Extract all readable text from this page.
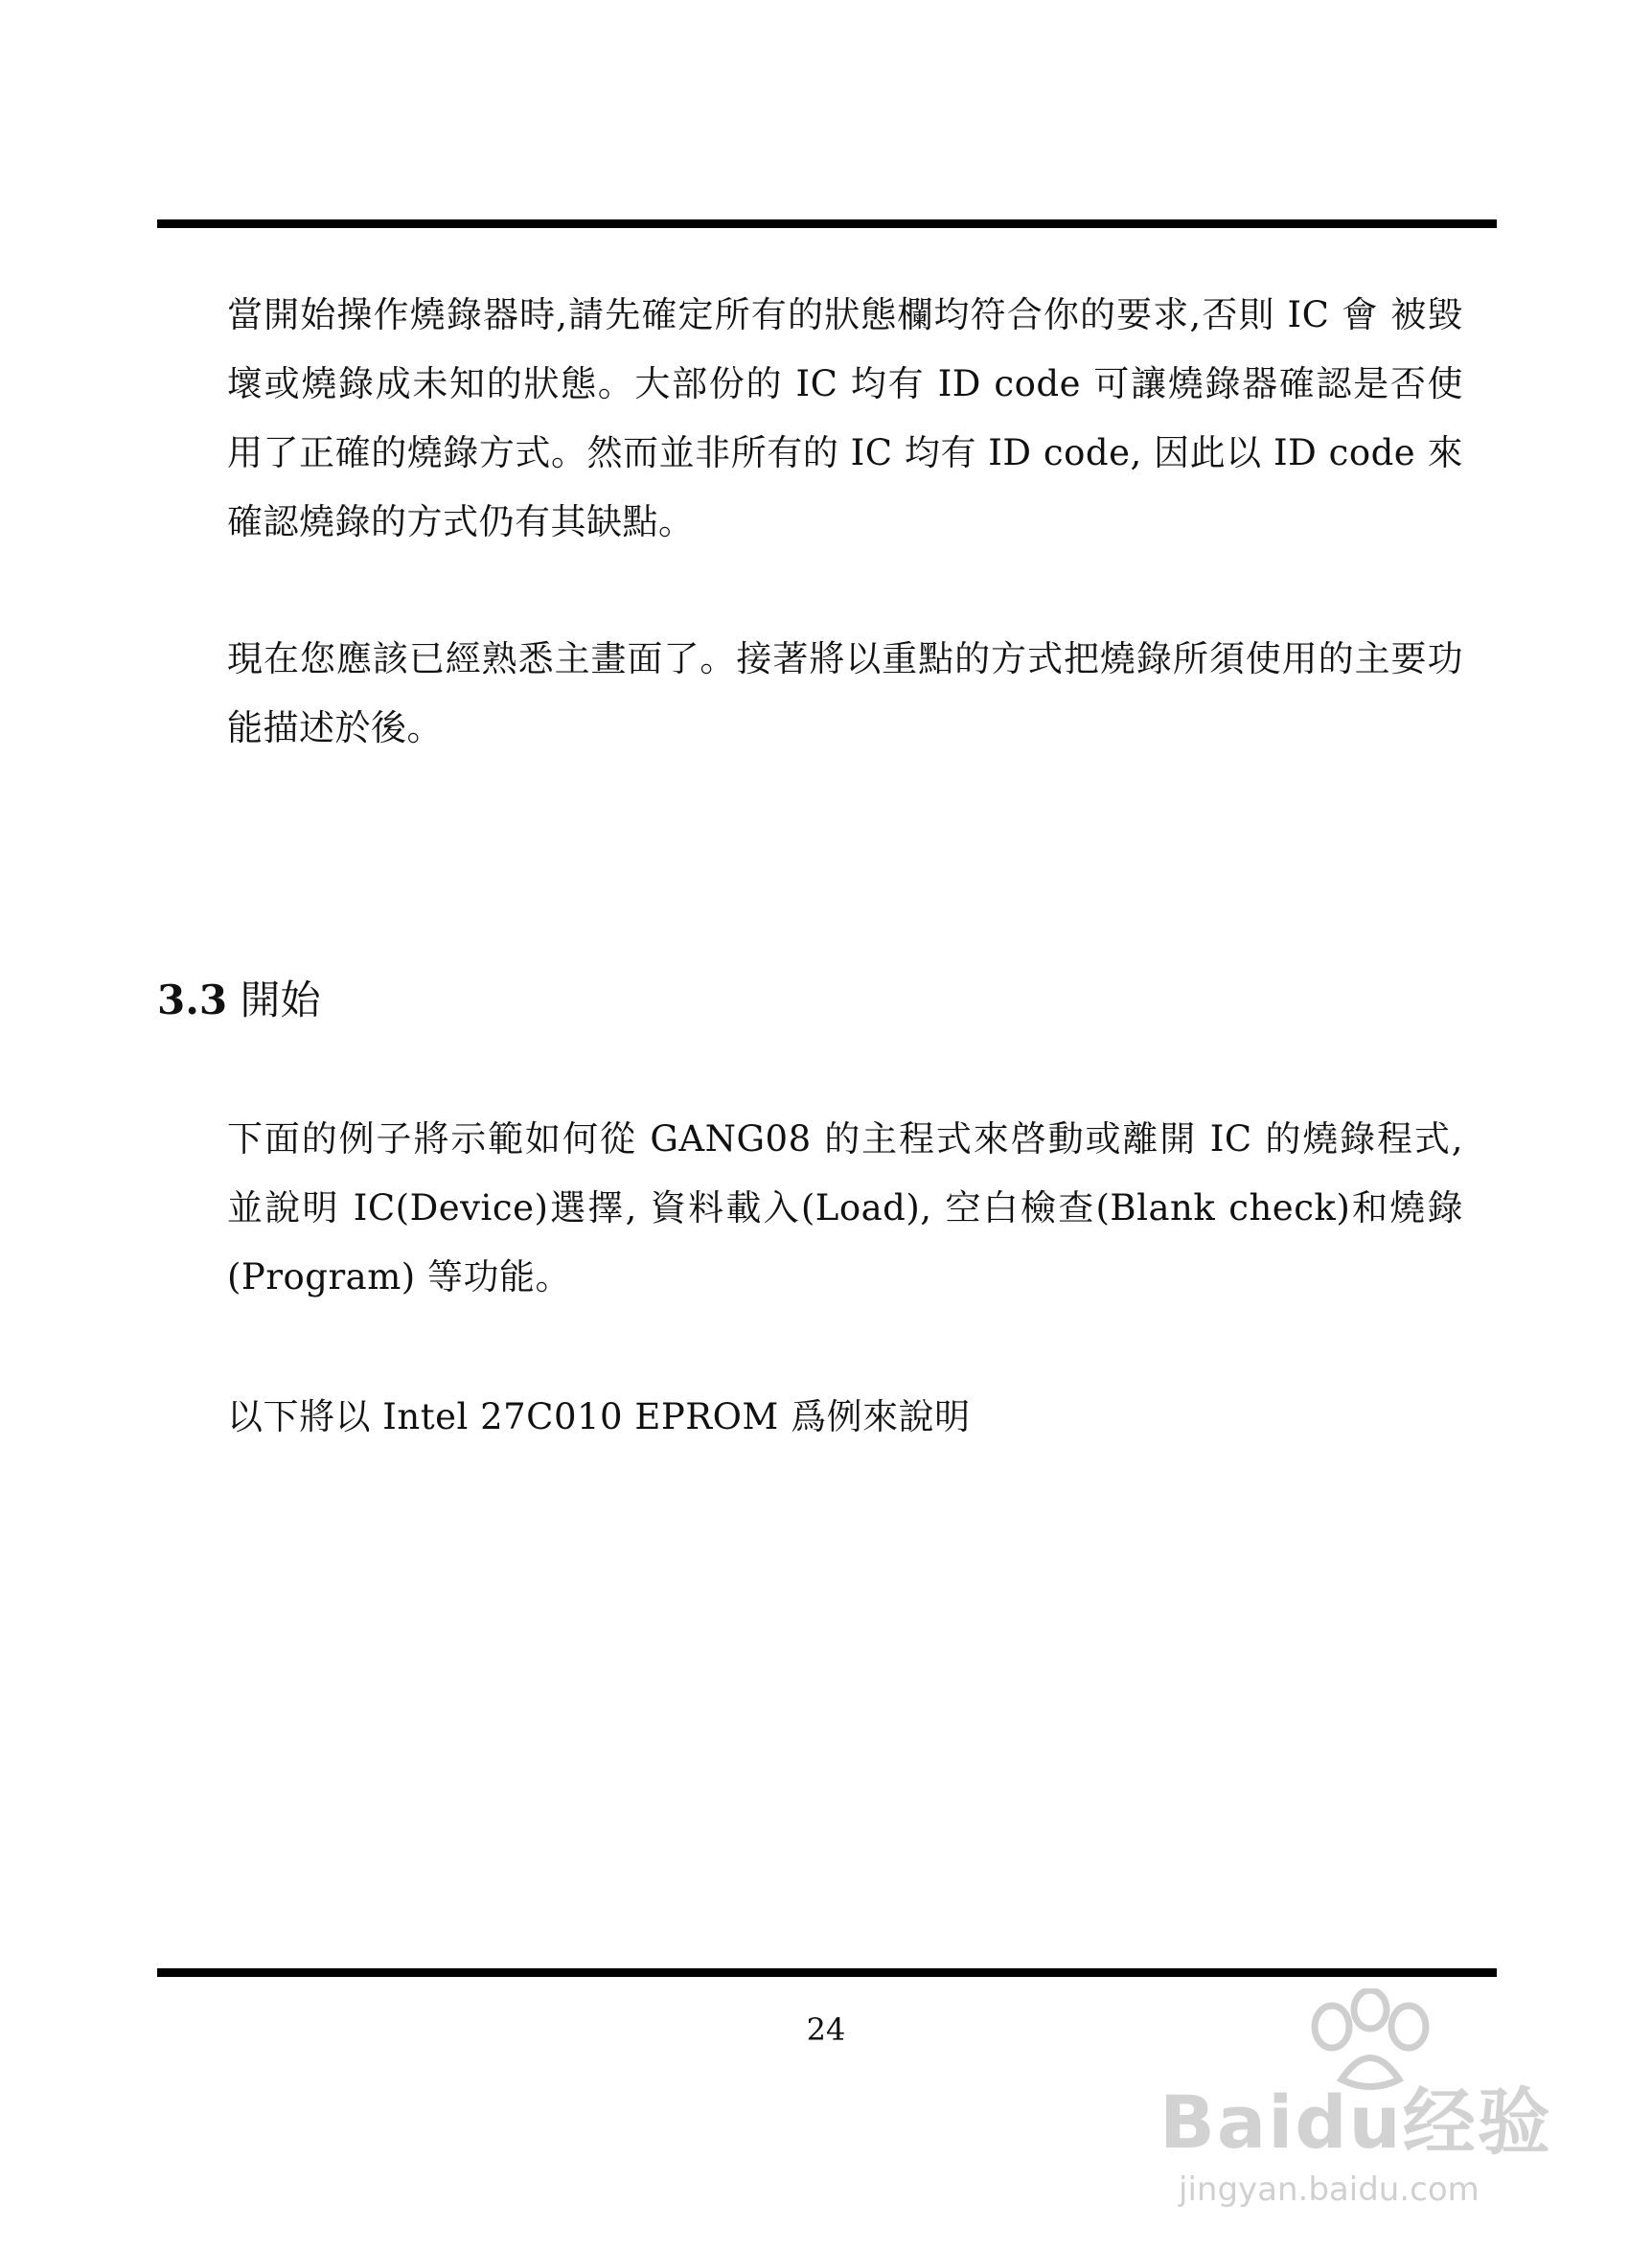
當開始操作燒錄器時,請先確定所有的狀態欄均符合你的要求,否則 IC 會 被毀壞或燒錄成未知的狀態。大部份的 IC 均有 ID code 可讓燒錄器確認是否使用了正確的燒錄方式。然而並非所有的 IC 均有 ID code, 因此以 ID code 來確認燒錄的方式仍有其缺點。

現在您應該已經熟悉主畫面了。接著將以重點的方式把燒錄所須使用的主要功能描述於後。

3.3 開始

下面的例子將示範如何從 GANG08 的主程式來啓動或離開 IC 的燒錄程式, 並說明 IC(Device)選擇, 資料載入(Load), 空白檢查(Blank check)和燒錄(Program) 等功能。

以下將以 Intel 27C010 EPROM 爲例來說明

24
Baidu经验
jingyan.baidu.com
